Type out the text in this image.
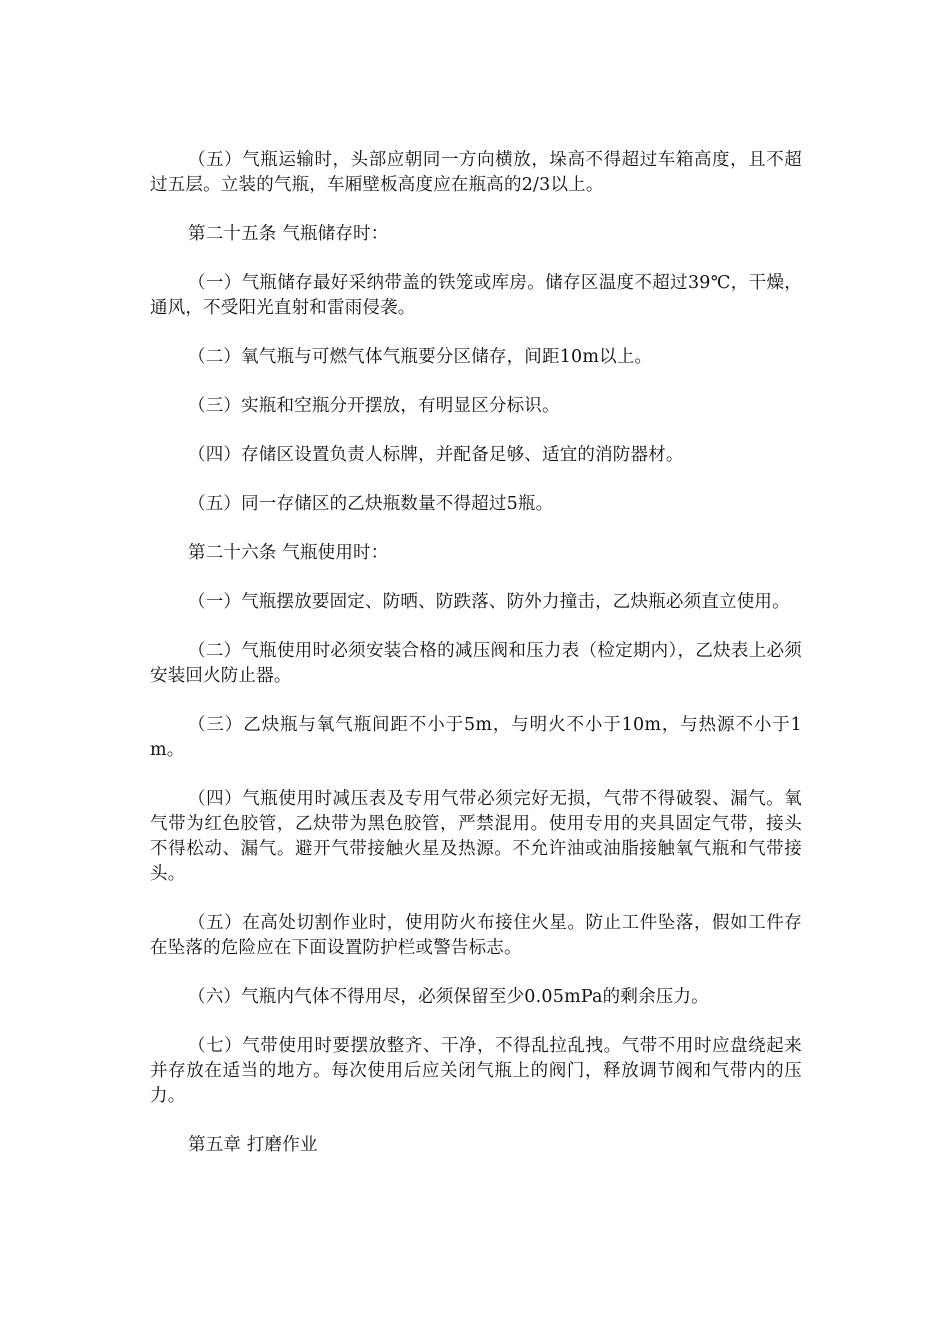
（五）气瓶运输时，头部应朝同一方向横放，垛高不得超过车箱高度，且不超过五层。立装的气瓶，车厢壁板高度应在瓶高的2/3以上。

第二十五条 气瓶储存时：

（一）气瓶储存最好采纳带盖的铁笼或库房。储存区温度不超过39℃，干燥，通风，不受阳光直射和雷雨侵袭。

（二）氧气瓶与可燃气体气瓶要分区储存，间距10m以上。

（三）实瓶和空瓶分开摆放，有明显区分标识。

（四）存储区设置负责人标牌，并配备足够、适宜的消防器材。

（五）同一存储区的乙炔瓶数量不得超过5瓶。

第二十六条 气瓶使用时：

（一）气瓶摆放要固定、防晒、防跌落、防外力撞击，乙炔瓶必须直立使用。

（二）气瓶使用时必须安装合格的减压阀和压力表（检定期内），乙炔表上必须安装回火防止器。

（三）乙炔瓶与氧气瓶间距不小于5m，与明火不小于10m，与热源不小于1m。

（四）气瓶使用时减压表及专用气带必须完好无损，气带不得破裂、漏气。氧气带为红色胶管，乙炔带为黑色胶管，严禁混用。使用专用的夹具固定气带，接头不得松动、漏气。避开气带接触火星及热源。不允许油或油脂接触氧气瓶和气带接头。

（五）在高处切割作业时，使用防火布接住火星。防止工件坠落，假如工件存在坠落的危险应在下面设置防护栏或警告标志。

（六）气瓶内气体不得用尽，必须保留至少0.05mPa的剩余压力。

（七）气带使用时要摆放整齐、干净，不得乱拉乱拽。气带不用时应盘绕起来并存放在适当的地方。每次使用后应关闭气瓶上的阀门，释放调节阀和气带内的压力。

第五章 打磨作业
